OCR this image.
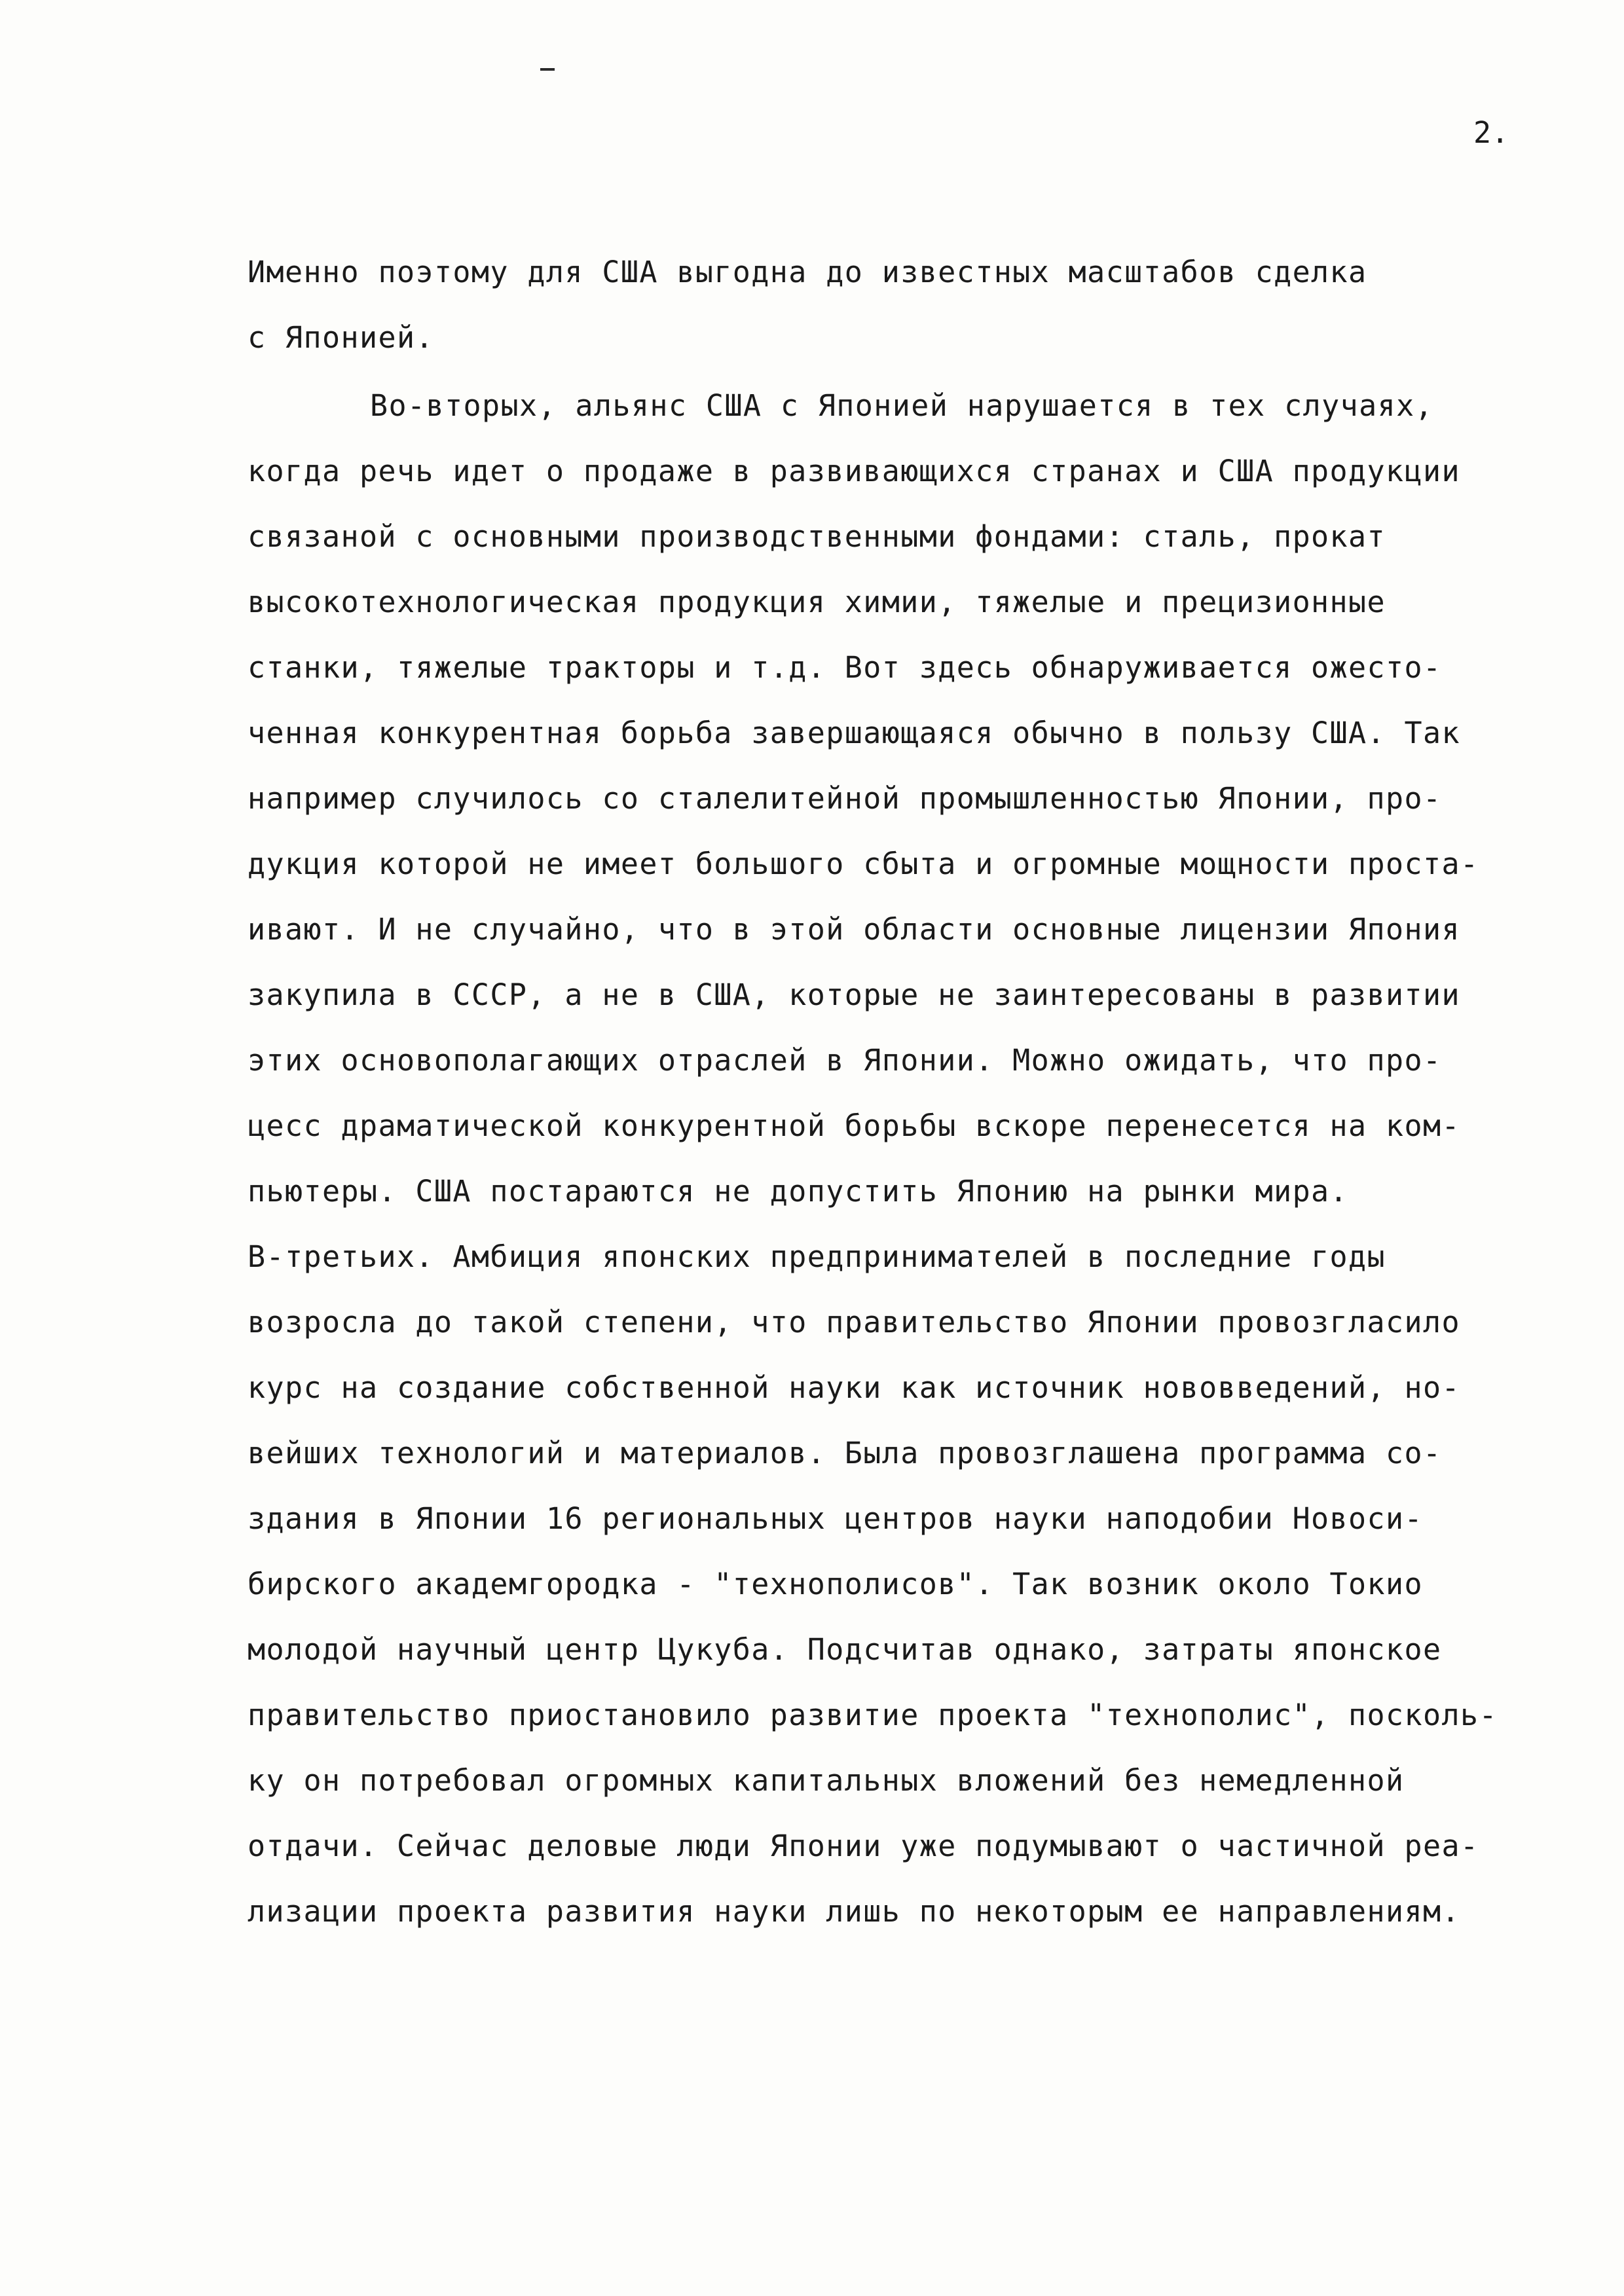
2.
Именно поэтому для США выгодна до известных масштабов сделка
с Японией.
Во-вторых, альянс США с Японией нарушается в тех случаях,
когда речь идет о продаже в развивающихся странах и США продукции
связаной с основными производственными фондами: сталь, прокат
высокотехнологическая продукция химии, тяжелые и прецизионные
станки, тяжелые тракторы и т.д. Вот здесь обнаруживается ожесто-
ченная конкурентная борьба завершающаяся обычно в пользу США. Так
например случилось со сталелитейной промышленностью Японии, про-
дукция которой не имеет большого сбыта и огромные мощности проста-
ивают. И не случайно, что в этой области основные лицензии Япония
закупила в СССР, а не в США, которые не заинтересованы в развитии
этих основополагающих отраслей в Японии. Можно ожидать, что про-
цесс драматической конкурентной борьбы вскоре перенесется на ком-
пьютеры. США постараются не допустить Японию на рынки мира.
В-третьих. Амбиция японских предпринимателей в последние годы
возросла до такой степени, что правительство Японии провозгласило
курс на создание собственной науки как источник нововведений, но-
вейших технологий и материалов. Была провозглашена программа со-
здания в Японии 16 региональных центров науки наподобии Новоси-
бирского академгородка - "технополисов". Так возник около Токио
молодой научный центр Цукуба. Подсчитав однако, затраты японское
правительство приостановило развитие проекта "технополис", посколь-
ку он потребовал огромных капитальных вложений без немедленной
отдачи. Сейчас деловые люди Японии уже подумывают о частичной реа-
лизации проекта развития науки лишь по некоторым ее направлениям.
